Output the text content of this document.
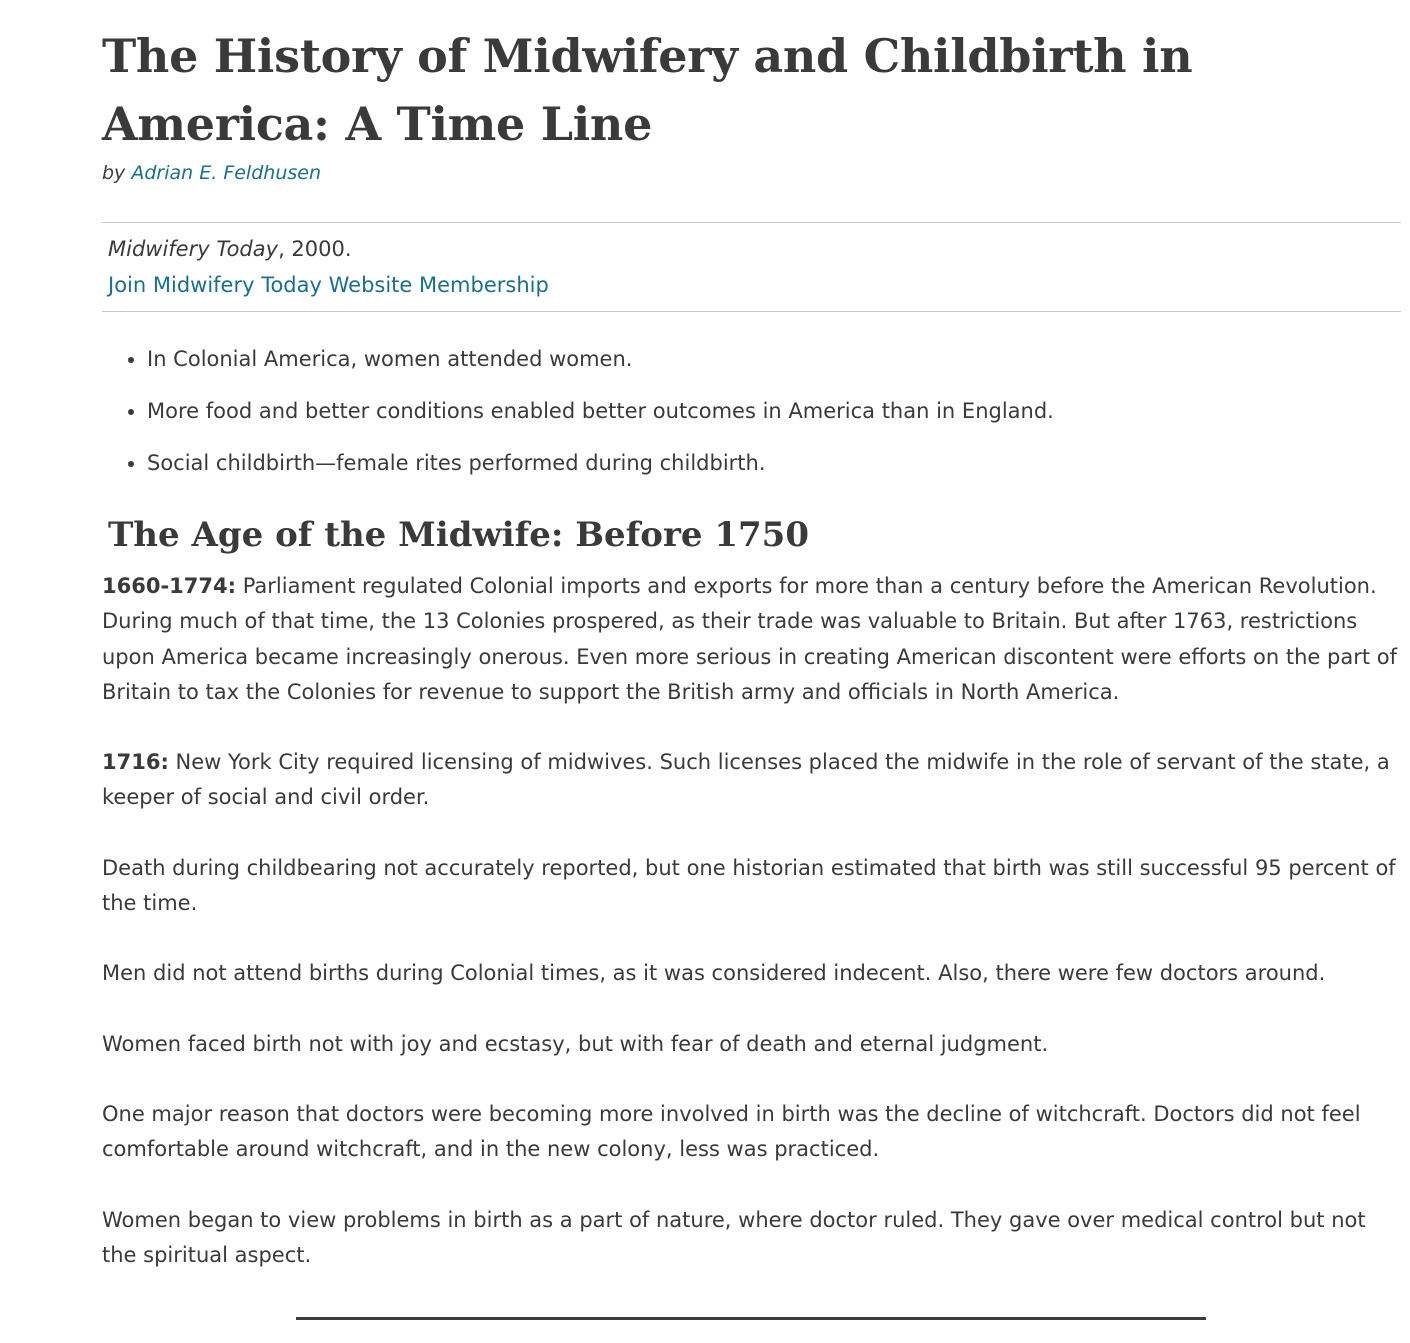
The History of Midwifery and Childbirth in America: A Time Line
by Adrian E. Feldhusen
Midwifery Today, 2000.
Join Midwifery Today Website Membership
• In Colonial America, women attended women.
• More food and better conditions enabled better outcomes in America than in England.
• Social childbirth—female rites performed during childbirth.
The Age of the Midwife: Before 1750

1660-1774: Parliament regulated Colonial imports and exports for more than a century before the American Revolution. During much of that time, the 13 Colonies prospered, as their trade was valuable to Britain. But after 1763, restrictions upon America became increasingly onerous. Even more serious in creating American discontent were efforts on the part of Britain to tax the Colonies for revenue to support the British army and officials in North America.

1716: New York City required licensing of midwives. Such licenses placed the midwife in the role of servant of the state, a keeper of social and civil order.

Death during childbearing not accurately reported, but one historian estimated that birth was still successful 95 percent of the time.

Men did not attend births during Colonial times, as it was considered indecent. Also, there were few doctors around.

Women faced birth not with joy and ecstasy, but with fear of death and eternal judgment.

One major reason that doctors were becoming more involved in birth was the decline of witchcraft. Doctors did not feel comfortable around witchcraft, and in the new colony, less was practiced.

Women began to view problems in birth as a part of nature, where doctor ruled. They gave over medical control but not the spiritual aspect.
